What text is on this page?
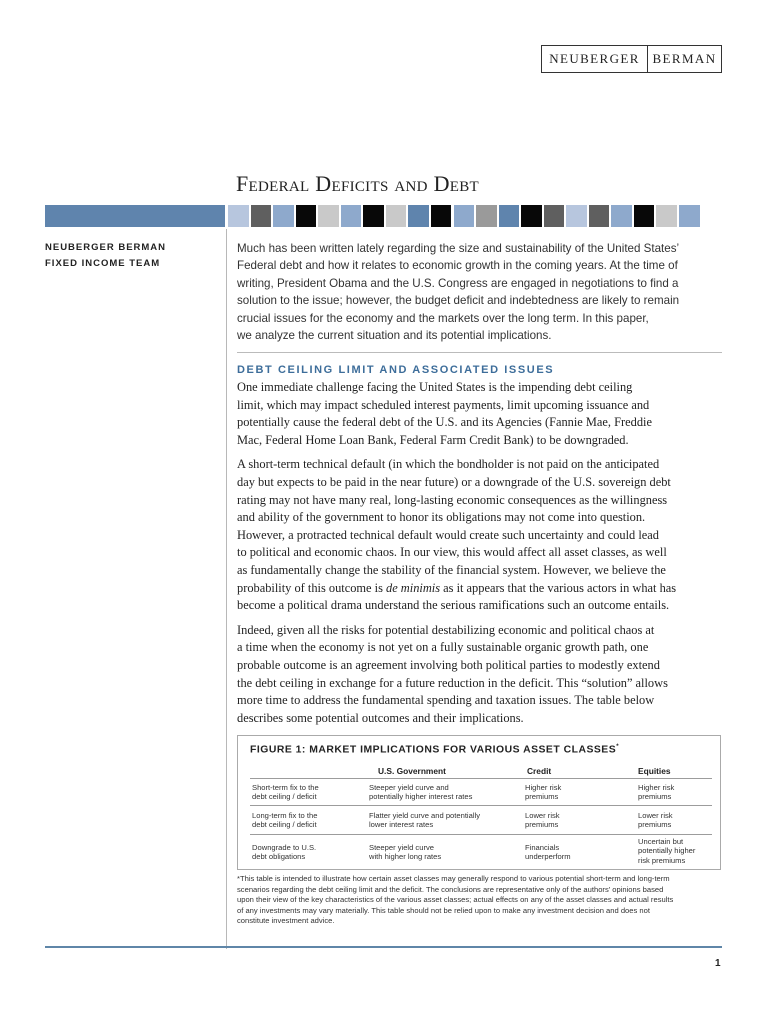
NEUBERGER BERMAN
Federal Deficits and Debt
NEUBERGER BERMAN
FIXED INCOME TEAM

Much has been written lately regarding the size and sustainability of the United States’

Federal debt and how it relates to economic growth in the coming years. At the time of

writing, President Obama and the U.S. Congress are engaged in negotiations to find a

solution to the issue; however, the budget deficit and indebtedness are likely to remain

crucial issues for the economy and the markets over the long term. In this paper,

we analyze the current situation and its potential implications.

DEBT CEILING LIMIT AND ASSOCIATED ISSUES

One immediate challenge facing the United States is the impending debt ceiling
limit, which may impact scheduled interest payments, limit upcoming issuance and
potentially cause the federal debt of the U.S. and its Agencies (Fannie Mae, Freddie
Mac, Federal Home Loan Bank, Federal Farm Credit Bank) to be downgraded.

A short-term technical default (in which the bondholder is not paid on the anticipated
day but expects to be paid in the near future) or a downgrade of the U.S. sovereign debt
rating may not have many real, long-lasting economic consequences as the willingness
and ability of the government to honor its obligations may not come into question.
However, a protracted technical default would create such uncertainty and could lead
to political and economic chaos. In our view, this would affect all asset classes, as well
as fundamentally change the stability of the financial system. However, we believe the
probability of this outcome is de minimis as it appears that the various actors in what has
become a political drama understand the serious ramifications such an outcome entails.

Indeed, given all the risks for potential destabilizing economic and political chaos at
a time when the economy is not yet on a fully sustainable organic growth path, one
probable outcome is an agreement involving both political parties to modestly extend
the debt ceiling in exchange for a future reduction in the deficit. This “solution” allows
more time to address the fundamental spending and taxation issues. The table below
describes some potential outcomes and their implications.

FIGURE 1: MARKET IMPLICATIONS FOR VARIOUS ASSET CLASSES*
U.S. Government	Credit	Equities
Short-term fix to the
debt ceiling / deficit
Steeper yield curve and
potentially higher interest rates
Higher risk
premiums
Higher risk
premiums
Long-term fix to the
debt ceiling / deficit
Flatter yield curve and potentially
lower interest rates
Lower risk
premiums
Lower risk
premiums
Downgrade to U.S.
debt obligations
Steeper yield curve
with higher long rates
Financials
underperform
Uncertain but
potentially higher
risk premiums

*This table is intended to illustrate how certain asset classes may generally respond to various potential short-term and long-term

scenarios regarding the debt ceiling limit and the deficit. The conclusions are representative only of the authors’ opinions based

upon their view of the key characteristics of the various asset classes; actual effects on any of the asset classes and actual results

of any investments may vary materially. This table should not be relied upon to make any investment decision and does not

constitute investment advice.

1
